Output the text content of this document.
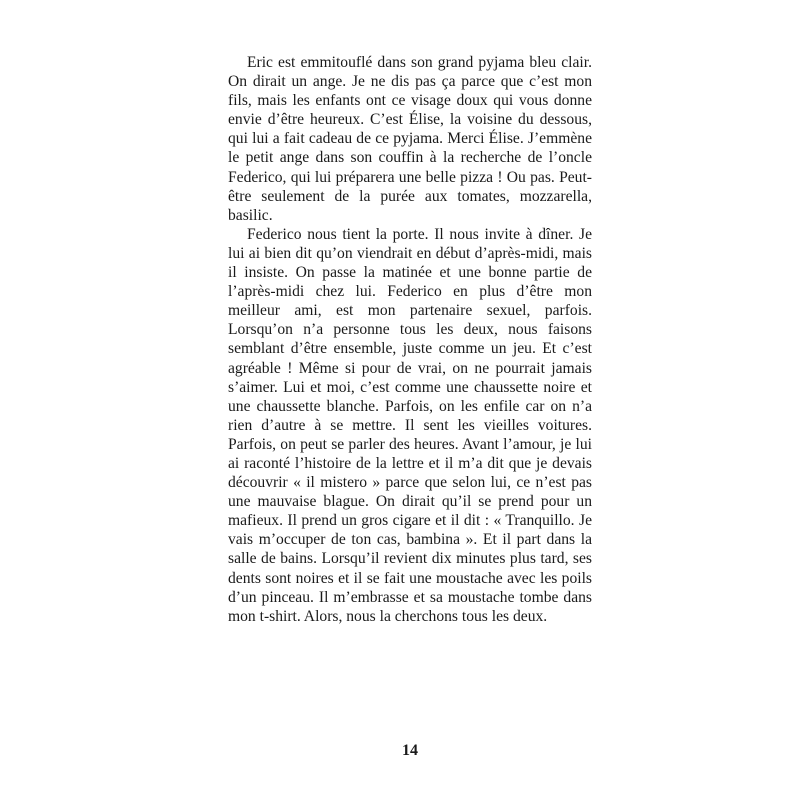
Eric est emmitouflé dans son grand pyjama bleu clair. On dirait un ange. Je ne dis pas ça parce que c’est mon fils, mais les enfants ont ce visage doux qui vous donne envie d’être heureux. C’est Élise, la voisine du dessous, qui lui a fait cadeau de ce pyjama. Merci Élise. J’emmène le petit ange dans son couffin à la recherche de l’oncle Federico, qui lui préparera une belle pizza ! Ou pas. Peut-être seulement de la purée aux tomates, mozzarella, basilic.

Federico nous tient la porte. Il nous invite à dîner. Je lui ai bien dit qu’on viendrait en début d’après-midi, mais il insiste. On passe la matinée et une bonne partie de l’après-midi chez lui. Federico en plus d’être mon meilleur ami, est mon partenaire sexuel, parfois. Lorsqu’on n’a personne tous les deux, nous faisons semblant d’être ensemble, juste comme un jeu. Et c’est agréable ! Même si pour de vrai, on ne pourrait jamais s’aimer. Lui et moi, c’est comme une chaussette noire et une chaussette blanche. Parfois, on les enfile car on n’a rien d’autre à se mettre. Il sent les vieilles voitures. Parfois, on peut se parler des heures. Avant l’amour, je lui ai raconté l’histoire de la lettre et il m’a dit que je devais découvrir « il mistero » parce que selon lui, ce n’est pas une mauvaise blague. On dirait qu’il se prend pour un mafieux. Il prend un gros cigare et il dit : « Tranquillo. Je vais m’occuper de ton cas, bambina ». Et il part dans la salle de bains. Lorsqu’il revient dix minutes plus tard, ses dents sont noires et il se fait une moustache avec les poils d’un pinceau. Il m’embrasse et sa moustache tombe dans mon t-shirt. Alors, nous la cherchons tous les deux.

14
